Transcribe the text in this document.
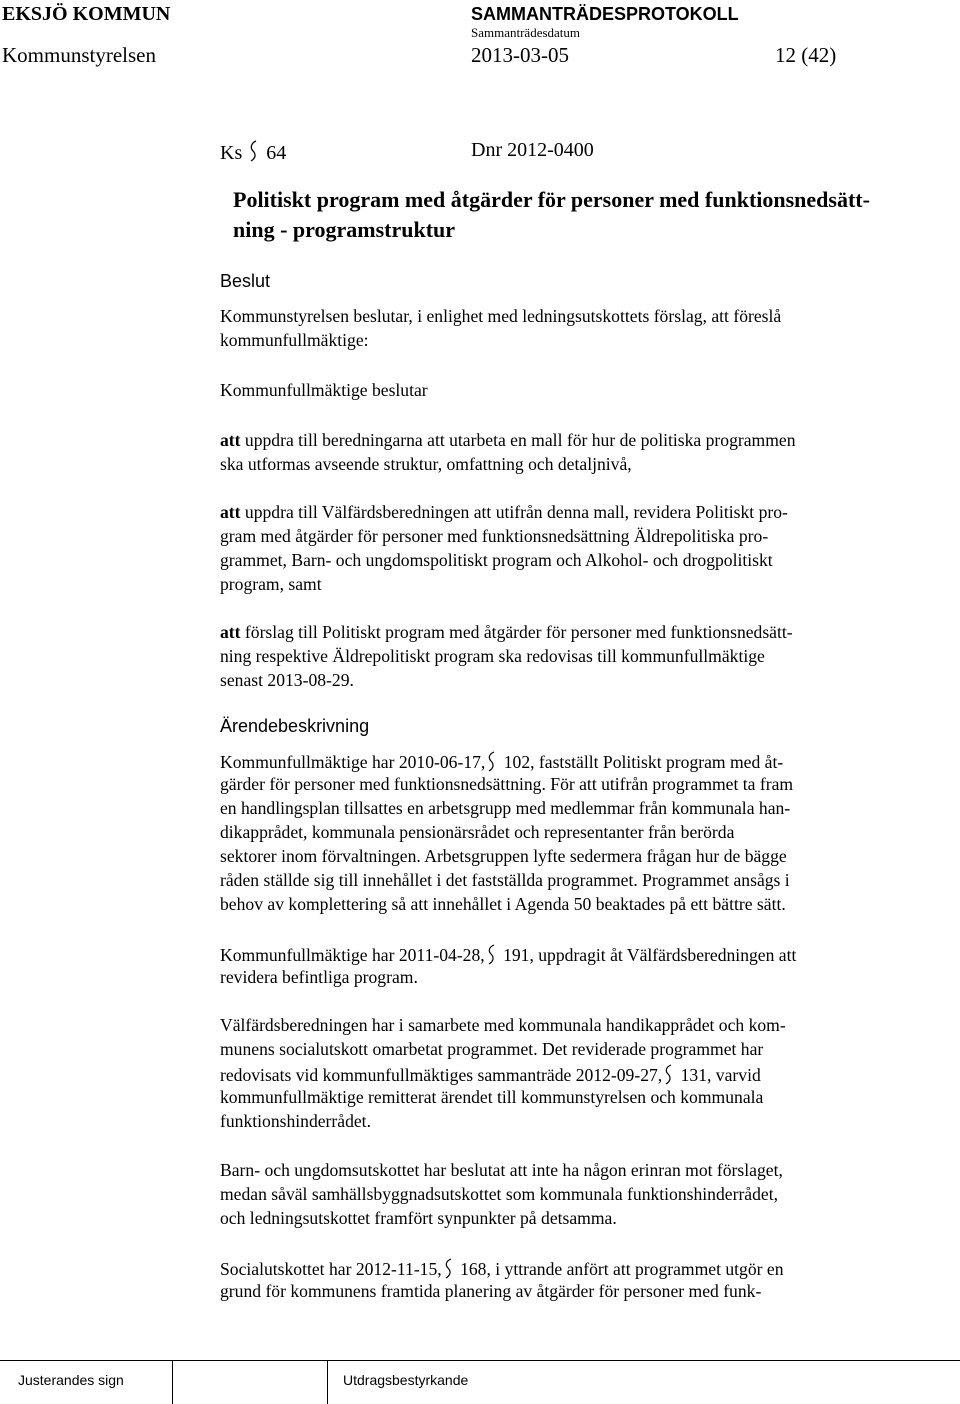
EKSJÖ KOMMUN	SAMMANTRÄDESPROTOKOLL
Sammanträdesdatum
Kommunstyrelsen	2013-03-05	12 (42)
Ks 64	Dnr 2012-0400
Politiskt program med åtgärder för personer med funktionsnedsätt-
ning - programstruktur
Beslut
Kommunstyrelsen beslutar, i enlighet med ledningsutskottets förslag, att föreslå
kommunfullmäktige:
Kommunfullmäktige beslutar
att uppdra till beredningarna att utarbeta en mall för hur de politiska programmen
ska utformas avseende struktur, omfattning och detaljnivå,
att uppdra till Välfärdsberedningen att utifrån denna mall, revidera Politiskt pro-
gram med åtgärder för personer med funktionsnedsättning Äldrepolitiska pro-
grammet, Barn- och ungdomspolitiskt program och Alkohol- och drogpolitiskt
program, samt
att förslag till Politiskt program med åtgärder för personer med funktionsnedsätt-
ning respektive Äldrepolitiskt program ska redovisas till kommunfullmäktige
senast 2013-08-29.
Ärendebeskrivning
Kommunfullmäktige har 2010-06-17, 102, fastställt Politiskt program med åt-
gärder för personer med funktionsnedsättning. För att utifrån programmet ta fram
en handlingsplan tillsattes en arbetsgrupp med medlemmar från kommunala han-
dikapprådet, kommunala pensionärsrådet och representanter från berörda
sektorer inom förvaltningen. Arbetsgruppen lyfte sedermera frågan hur de bägge
råden ställde sig till innehållet i det fastställda programmet. Programmet ansågs i
behov av komplettering så att innehållet i Agenda 50 beaktades på ett bättre sätt.
Kommunfullmäktige har 2011-04-28, 191, uppdragit åt Välfärdsberedningen att
revidera befintliga program.
Välfärdsberedningen har i samarbete med kommunala handikapprådet och kom-
munens socialutskott omarbetat programmet. Det reviderade programmet har
redovisats vid kommunfullmäktiges sammanträde 2012-09-27, 131, varvid
kommunfullmäktige remitterat ärendet till kommunstyrelsen och kommunala
funktionshinderrådet.
Barn- och ungdomsutskottet har beslutat att inte ha någon erinran mot förslaget,
medan såväl samhällsbyggnadsutskottet som kommunala funktionshinderrådet,
och ledningsutskottet framfört synpunkter på detsamma.
Socialutskottet har 2012-11-15, 168, i yttrande anfört att programmet utgör en
grund för kommunens framtida planering av åtgärder för personer med funk-
Justerandes sign	Utdragsbestyrkande
